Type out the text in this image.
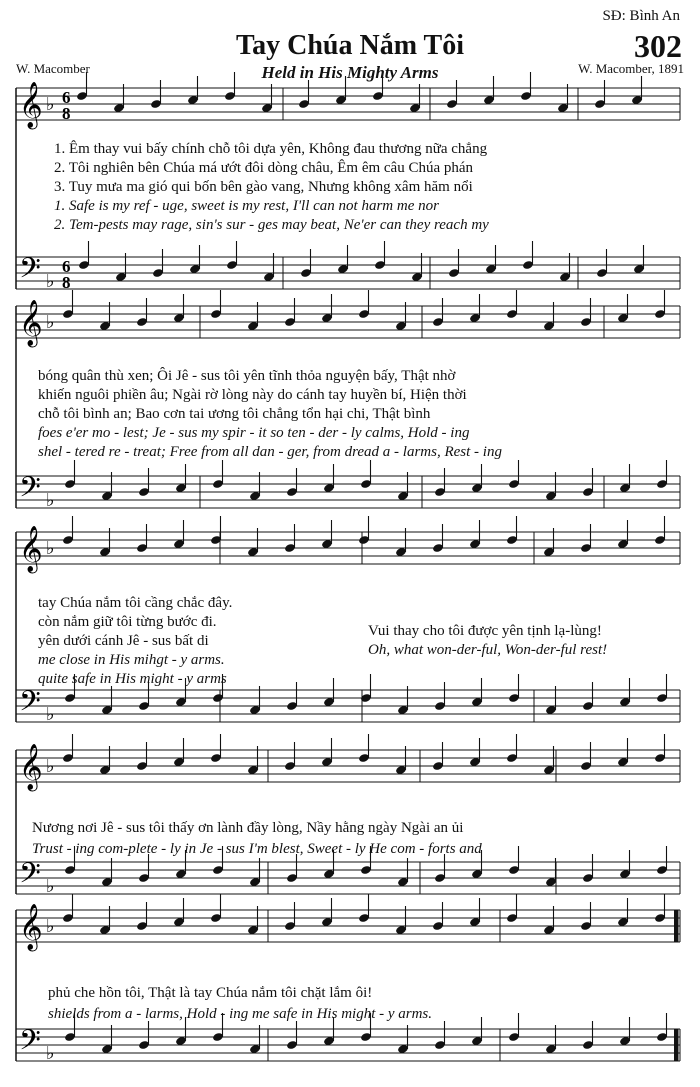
SĐ: Bình An
302
Tay Chúa Nắm Tôi
Held in His Mighty Arms
W. Macomber	W. Macomber, 1891
𝄞
𝄢
♭
♭
6
8
6
8
𝄞
𝄢
♭
♭
𝄞
𝄢
♭
♭
𝄞
𝄢
♭
♭
𝄞
𝄢
♭
♭
1. Êm thay vui bấy chính chỗ tôi dựa yên, Không đau thương nữa chẳng
2. Tôi nghiên bên Chúa má ướt đôi dòng châu, Êm êm câu Chúa phán
3. Tuy mưa ma gió qui bốn bên gào vang, Nhưng không xâm hăm nổi
1. Safe is my ref - uge, sweet is my rest, I'll can not harm me nor
2. Tem-pests may rage, sin's sur - ges may beat, Ne'er can they reach my
bóng quân thù xen; Ôi Jê - sus tôi yên tĩnh thỏa nguyện bấy, Thật nhờ
khiến nguôi phiền âu; Ngài rờ lòng này do cánh tay huyền bí, Hiện thời
chỗ tôi bình an; Bao cơn tai ương tôi chẳng tổn hại chi, Thật bình
foes e'er mo - lest; Je - sus my spir - it so ten - der - ly calms, Hold - ing
shel - tered re - treat; Free from all dan - ger, from dread a - larms, Rest - ing
tay Chúa nắm tôi cầng chắc đây.
còn nắm giữ tôi từng bước đi.
yên dưới cánh Jê - sus bất di
me close in His mihgt - y arms.
quite safe in His might - y arms
Vui thay cho tôi được yên tịnh lạ-lùng!
Oh, what won-der-ful, Won-der-ful rest!
Nương nơi Jê - sus tôi thấy ơn lành đầy lòng, Nầy hằng ngày Ngài an ủi
Trust - ing com-plete - ly in Je - sus I'm blest, Sweet - ly He com - forts and
phủ che hồn tôi, Thật là tay Chúa nắm tôi chặt lắm ôi!
shields from a - larms, Hold - ing me safe in His might - y arms.
